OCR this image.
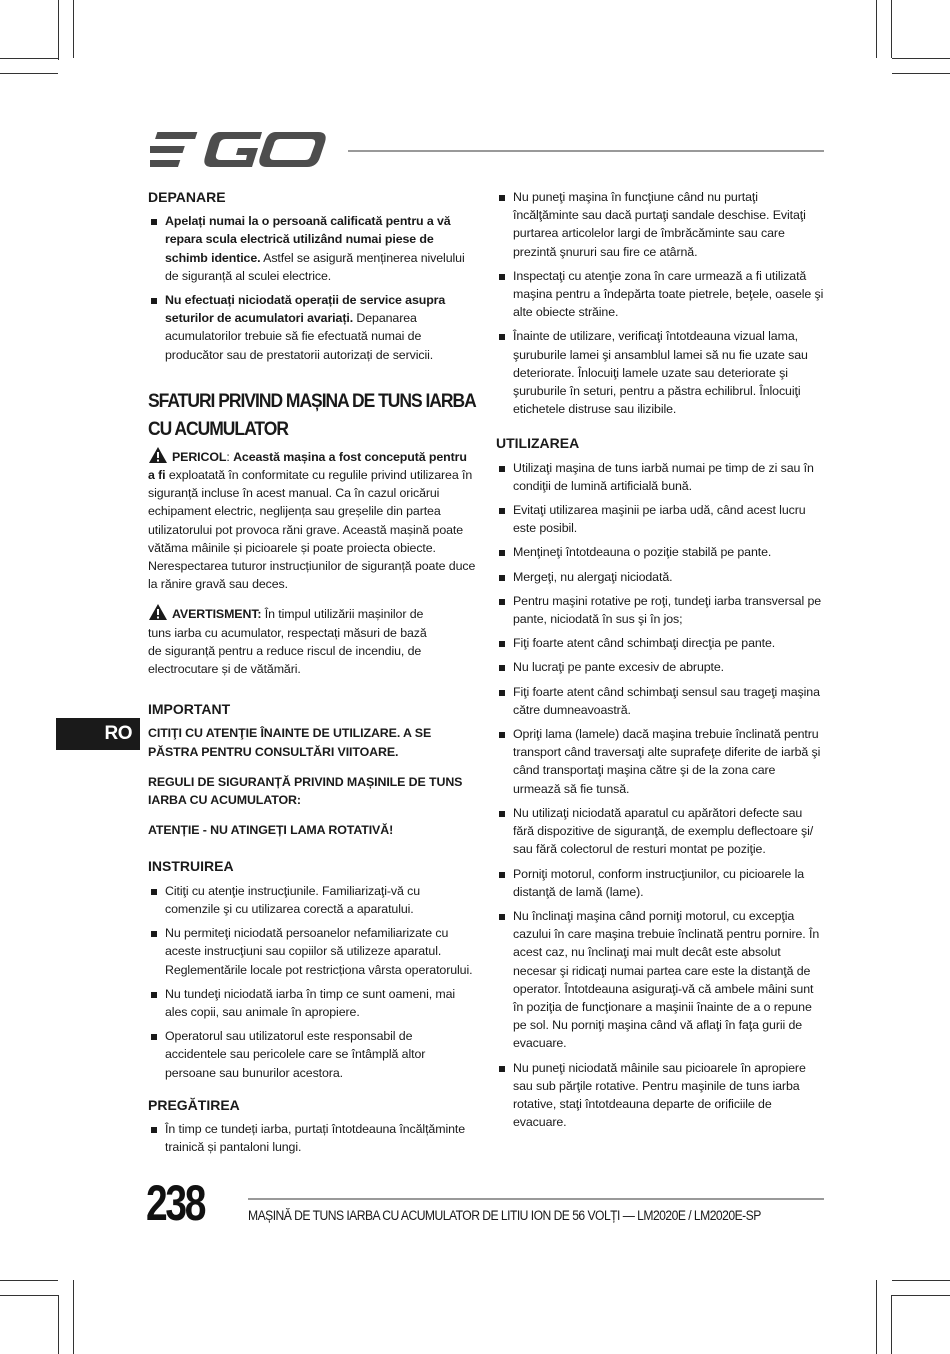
DEPANARE
Apelați numai la o persoană calificată pentru a vă repara scula electrică utilizând numai piese de schimb identice. Astfel se asigură menținerea nivelului de siguranță al sculei electrice.
Nu efectuați niciodată operații de service asupra seturilor de acumulatori avariați. Depanarea acumulatorilor trebuie să fie efectuată numai de producător sau de prestatorii autorizați de servicii.
SFATURI PRIVIND MAȘINA DE TUNS IARBA CU ACUMULATOR

PERICOL: Această mașina a fost concepută pentru a fi exploatată în conformitate cu regulile privind utilizarea în siguranță incluse în acest manual. Ca în cazul oricărui echipament electric, neglijența sau greșelile din partea utilizatorului pot provoca răni grave. Această mașină poate vătăma mâinile și picioarele și poate proiecta obiecte. Nerespectarea tuturor instrucțiunilor de siguranță poate duce la rănire gravă sau deces.

AVERTISMENT: În timpul utilizării mașinilor de tuns iarba cu acumulator, respectați măsuri de bază de siguranță pentru a reduce riscul de incendiu, de electrocutare și de vătămări.

IMPORTANT
CITIŢI CU ATENŢIE ÎNAINTE DE UTILIZARE. A SE PĂSTRA PENTRU CONSULTĂRI VIITOARE.
REGULI DE SIGURANȚĂ PRIVIND MAȘINILE DE TUNS IARBA CU ACUMULATOR:
ATENȚIE - NU ATINGEȚI LAMA ROTATIVĂ!
INSTRUIREA
Citiţi cu atenţie instrucţiunile. Familiarizaţi-vă cu comenzile şi cu utilizarea corectă a aparatului.
Nu permiteţi niciodată persoanelor nefamiliarizate cu aceste instrucţiuni sau copiilor să utilizeze aparatul. Reglementările locale pot restricționa vârsta operatorului.
Nu tundeţi niciodată iarba în timp ce sunt oameni, mai ales copii, sau animale în apropiere.
Operatorul sau utilizatorul este responsabil de accidentele sau pericolele care se întâmplă altor persoane sau bunurilor acestora.
PREGĂTIREA
În timp ce tundeți iarba, purtați întotdeauna încălțăminte trainică și pantaloni lungi.
Nu puneţi maşina în funcţiune când nu purtaţi încălţăminte sau dacă purtaţi sandale deschise. Evitaţi purtarea articolelor largi de îmbrăcăminte sau care prezintă şnururi sau fire ce atârnă.
Inspectaţi cu atenţie zona în care urmează a fi utilizată maşina pentru a îndepărta toate pietrele, beţele, oasele şi alte obiecte străine.
Înainte de utilizare, verificaţi întotdeauna vizual lama, şuruburile lamei şi ansamblul lamei să nu fie uzate sau deteriorate. Înlocuiţi lamele uzate sau deteriorate şi şuruburile în seturi, pentru a păstra echilibrul. Înlocuiţi etichetele distruse sau ilizibile.
UTILIZAREA
Utilizaţi maşina de tuns iarbă numai pe timp de zi sau în condiţii de lumină artificială bună.
Evitaţi utilizarea maşinii pe iarba udă, când acest lucru este posibil.
Menţineţi întotdeauna o poziţie stabilă pe pante.
Mergeţi, nu alergaţi niciodată.
Pentru maşini rotative pe roţi, tundeţi iarba transversal pe pante, niciodată în sus şi în jos;
Fiţi foarte atent când schimbaţi direcţia pe pante.
Nu lucraţi pe pante excesiv de abrupte.
Fiţi foarte atent când schimbaţi sensul sau trageţi maşina către dumneavoastră.
Opriţi lama (lamele) dacă maşina trebuie înclinată pentru transport când traversaţi alte suprafeţe diferite de iarbă şi când transportaţi maşina către şi de la zona care urmează să fie tunsă.
Nu utilizaţi niciodată aparatul cu apărători defecte sau fără dispozitive de siguranţă, de exemplu deflectoare şi/ sau fără colectorul de resturi montat pe poziţie.
Porniţi motorul, conform instrucţiunilor, cu picioarele la distanţă de lamă (lame).
Nu înclinaţi maşina când porniţi motorul, cu excepţia cazului în care maşina trebuie înclinată pentru pornire. În acest caz, nu înclinaţi mai mult decât este absolut necesar şi ridicaţi numai partea care este la distanţă de operator. Întotdeauna asiguraţi-vă că ambele mâini sunt în poziţia de funcţionare a maşinii înainte de a o repune pe sol. Nu porniţi maşina când vă aflaţi în faţa gurii de evacuare.
Nu puneţi niciodată mâinile sau picioarele în apropiere sau sub părţile rotative. Pentru maşinile de tuns iarba rotative, staţi întotdeauna departe de orificiile de evacuare.
RO
238	MAȘINĂ DE TUNS IARBA CU ACUMULATOR DE LITIU ION DE 56 VOLȚI — LM2020E / LM2020E-SP
